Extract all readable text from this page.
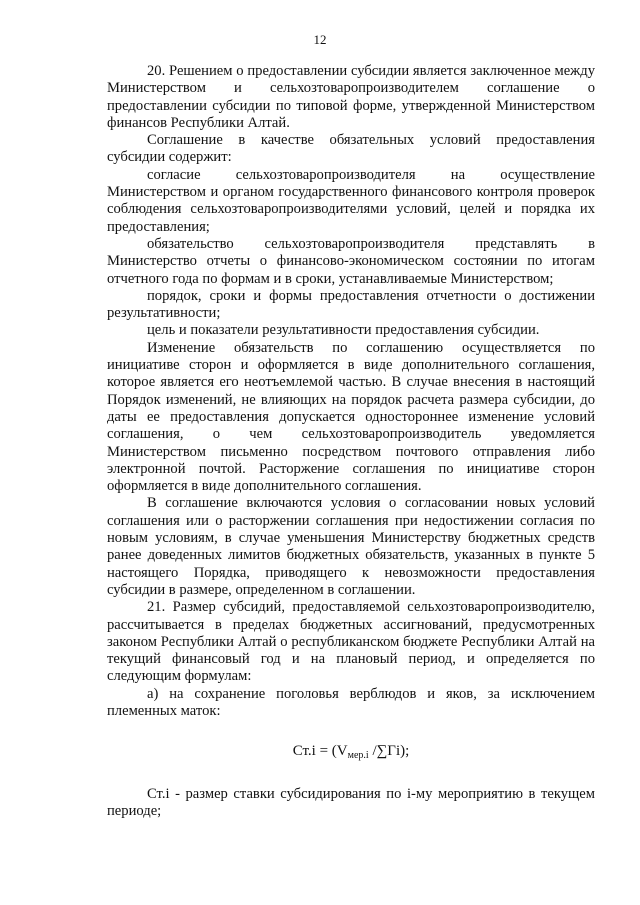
12

20. Решением о предоставлении субсидии является заключенное между Министерством и сельхозтоваропроизводителем соглашение о предоставлении субсидии по типовой форме, утвержденной Министерством финансов Республики Алтай.

Соглашение в качестве обязательных условий предоставления субсидии содержит:

согласие сельхозтоваропроизводителя на осуществление Министерством и органом государственного финансового контроля проверок соблюдения сельхозтоваропроизводителями условий, целей и порядка их предоставления;

обязательство сельхозтоваропроизводителя представлять в Министерство отчеты о финансово-экономическом состоянии по итогам отчетного года по формам и в сроки, устанавливаемые Министерством;

порядок, сроки и формы предоставления отчетности о достижении результативности;

цель и показатели результативности предоставления субсидии.

Изменение обязательств по соглашению осуществляется по инициативе сторон и оформляется в виде дополнительного соглашения, которое является его неотъемлемой частью. В случае внесения в настоящий Порядок изменений, не влияющих на порядок расчета размера субсидии, до даты ее предоставления допускается одностороннее изменение условий соглашения, о чем сельхозтоваропроизводитель уведомляется Министерством письменно посредством почтового отправления либо электронной почтой. Расторжение соглашения по инициативе сторон оформляется в виде дополнительного соглашения.

В соглашение включаются условия о согласовании новых условий соглашения или о расторжении соглашения при недостижении согласия по новым условиям, в случае уменьшения Министерству бюджетных средств ранее доведенных лимитов бюджетных обязательств, указанных в пункте 5 настоящего Порядка, приводящего к невозможности предоставления субсидии в размере, определенном в соглашении.

21. Размер субсидий, предоставляемой сельхозтоваропроизводителю, рассчитывается в пределах бюджетных ассигнований, предусмотренных законом Республики Алтай о республиканском бюджете Республики Алтай на текущий финансовый год и на плановый период, и определяется по следующим формулам:

а) на сохранение поголовья верблюдов и яков, за исключением племенных маток:

$Ст.i = (V_{мер.i}$ /∑Гi);

Ст.i - размер ставки субсидирования по i-му мероприятию в текущем периоде;
